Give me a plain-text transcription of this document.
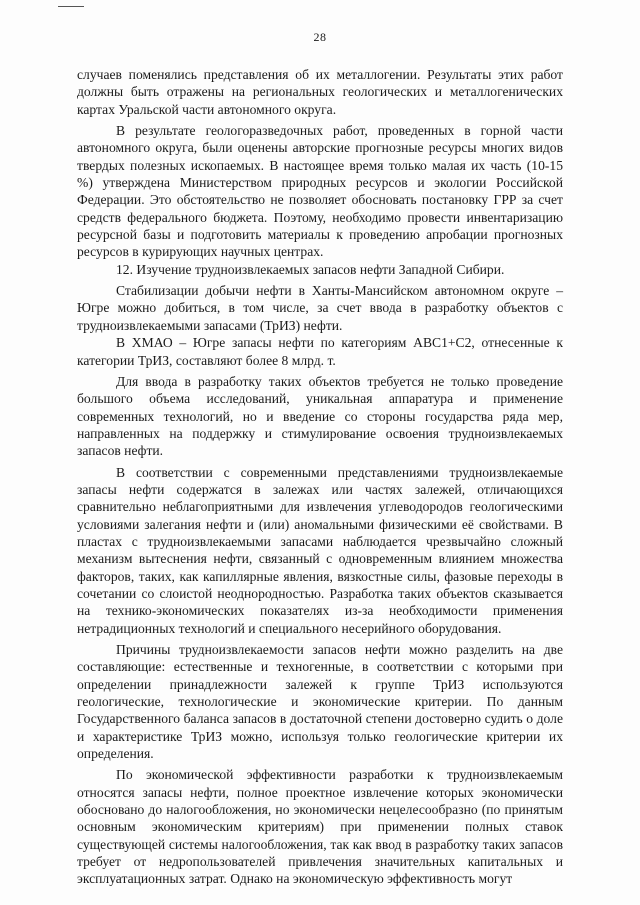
28

случаев поменялись представления об их металлогении. Результаты этих работ должны быть отражены на региональных геологических и металлогенических картах Уральской части автономного округа.

В результате геологоразведочных работ, проведенных в горной части автономного округа, были оценены авторские прогнозные ресурсы многих видов твердых полезных ископаемых. В настоящее время только малая их часть (10-15 %) утверждена Министерством природных ресурсов и экологии Российской Федерации. Это обстоятельство не позволяет обосновать постановку ГРР за счет средств федерального бюджета. Поэтому, необходимо провести инвентаризацию ресурсной базы и подготовить материалы к проведению апробации прогнозных ресурсов в курирующих научных центрах.

12. Изучение трудноизвлекаемых запасов нефти Западной Сибири.

Стабилизации добычи нефти в Ханты-Мансийском автономном округе – Югре можно добиться, в том числе, за счет ввода в разработку объектов с трудноизвлекаемыми запасами (ТрИЗ) нефти.

В ХМАО – Югре запасы нефти по категориям АВС1+С2, отнесенные к категории ТрИЗ, составляют более 8 млрд. т.

Для ввода в разработку таких объектов требуется не только проведение большого объема исследований, уникальная аппаратура и применение современных технологий, но и введение со стороны государства ряда мер, направленных на поддержку и стимулирование освоения трудноизвлекаемых запасов нефти.

В соответствии с современными представлениями трудноизвлекаемые запасы нефти содержатся в залежах или частях залежей, отличающихся сравнительно неблагоприятными для извлечения углеводородов геологическими условиями залегания нефти и (или) аномальными физическими её свойствами. В пластах с трудноизвлекаемыми запасами наблюдается чрезвычайно сложный механизм вытеснения нефти, связанный с одновременным влиянием множества факторов, таких, как капиллярные явления, вязкостные силы, фазовые переходы в сочетании со слоистой неоднородностью. Разработка таких объектов сказывается на технико-экономических показателях из-за необходимости применения нетрадиционных технологий и специального несерийного оборудования.

Причины трудноизвлекаемости запасов нефти можно разделить на две составляющие: естественные и техногенные, в соответствии с которыми при определении принадлежности залежей к группе ТрИЗ используются геологические, технологические и экономические критерии. По данным Государственного баланса запасов в достаточной степени достоверно судить о доле и характеристике ТрИЗ можно, используя только геологические критерии их определения.

По экономической эффективности разработки к трудноизвлекаемым относятся запасы нефти, полное проектное извлечение которых экономически обосновано до налогообложения, но экономически нецелесообразно (по принятым основным экономическим критериям) при применении полных ставок существующей системы налогообложения, так как ввод в разработку таких запасов требует от недропользователей привлечения значительных капитальных и эксплуатационных затрат. Однако на экономическую эффективность могут
